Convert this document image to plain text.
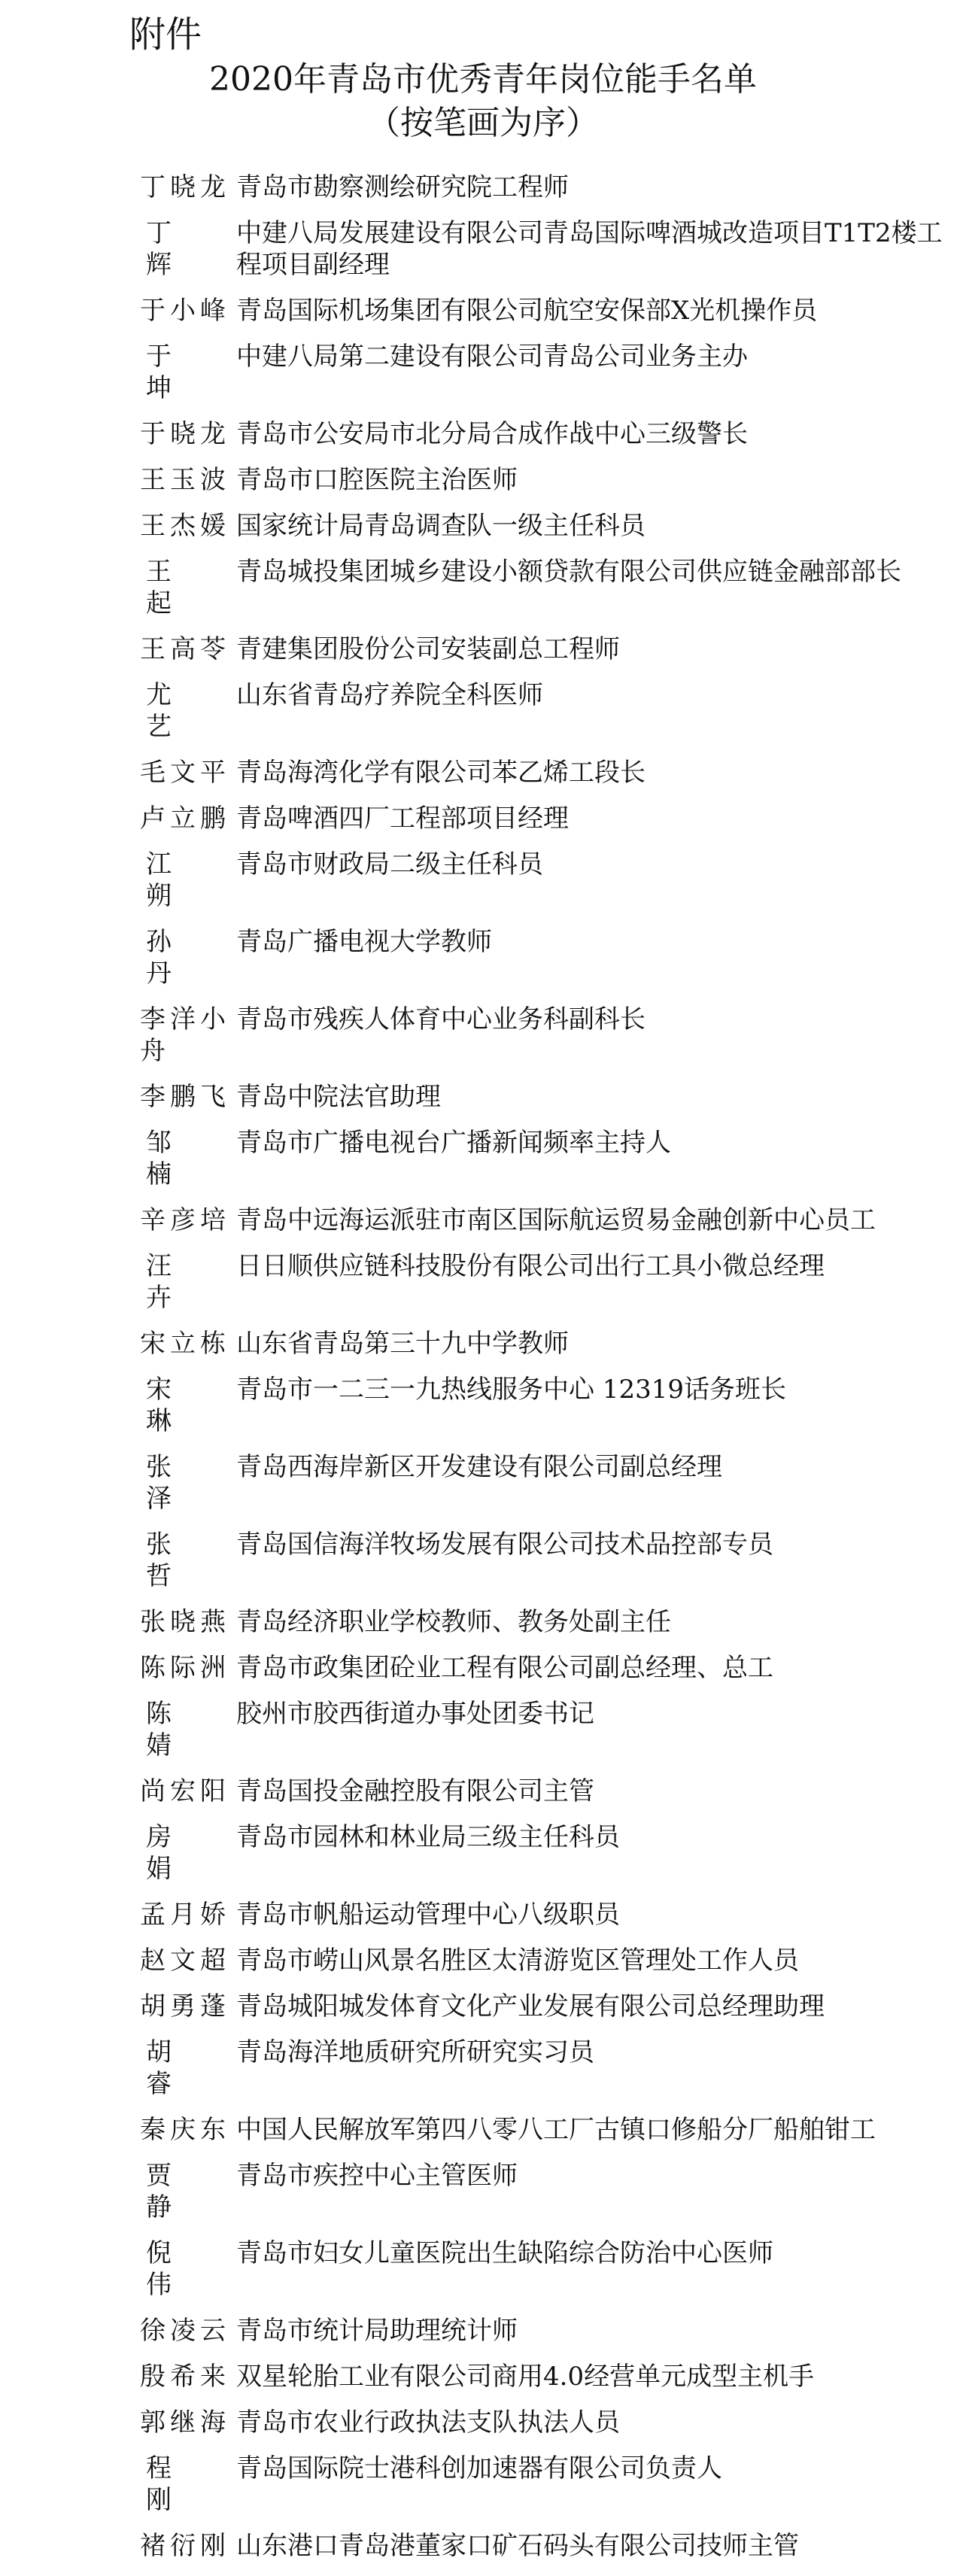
附件
2020年青岛市优秀青年岗位能手名单
（按笔画为序）
丁晓龙 青岛市勘察测绘研究院工程师
丁　辉
中建八局发展建设有限公司青岛国际啤酒城改造项目T1T2楼工程项目副经理
于小峰 青岛国际机场集团有限公司航空安保部X光机操作员
于　坤
中建八局第二建设有限公司青岛公司业务主办
于晓龙 青岛市公安局市北分局合成作战中心三级警长
王玉波 青岛市口腔医院主治医师
王杰媛 国家统计局青岛调查队一级主任科员
王　起
青岛城投集团城乡建设小额贷款有限公司供应链金融部部长
王高苓 青建集团股份公司安装副总工程师
尤　艺
山东省青岛疗养院全科医师
毛文平 青岛海湾化学有限公司苯乙烯工段长
卢立鹏 青岛啤酒四厂工程部项目经理
江　朔
青岛市财政局二级主任科员
孙　丹
青岛广播电视大学教师
李洋小舟
青岛市残疾人体育中心业务科副科长
李鹏飞 青岛中院法官助理
邹　楠
青岛市广播电视台广播新闻频率主持人
辛彦培 青岛中远海运派驻市南区国际航运贸易金融创新中心员工
汪　卉
日日顺供应链科技股份有限公司出行工具小微总经理
宋立栋 山东省青岛第三十九中学教师
宋　琳
青岛市一二三一九热线服务中心 12319话务班长
张　泽
青岛西海岸新区开发建设有限公司副总经理
张　哲
青岛国信海洋牧场发展有限公司技术品控部专员
张晓燕 青岛经济职业学校教师、教务处副主任
陈际洲 青岛市政集团砼业工程有限公司副总经理、总工
陈　婧
胶州市胶西街道办事处团委书记
尚宏阳 青岛国投金融控股有限公司主管
房　娟
青岛市园林和林业局三级主任科员
孟月娇 青岛市帆船运动管理中心八级职员
赵文超 青岛市崂山风景名胜区太清游览区管理处工作人员
胡勇蓬 青岛城阳城发体育文化产业发展有限公司总经理助理
胡　睿
青岛海洋地质研究所研究实习员
秦庆东 中国人民解放军第四八零八工厂古镇口修船分厂船舶钳工
贾　静
青岛市疾控中心主管医师
倪　伟
青岛市妇女儿童医院出生缺陷综合防治中心医师
徐凌云 青岛市统计局助理统计师
殷希来 双星轮胎工业有限公司商用4.0经营单元成型主机手
郭继海 青岛市农业行政执法支队执法人员
程　刚
青岛国际院士港科创加速器有限公司负责人
褚衍刚 山东港口青岛港董家口矿石码头有限公司技师主管
